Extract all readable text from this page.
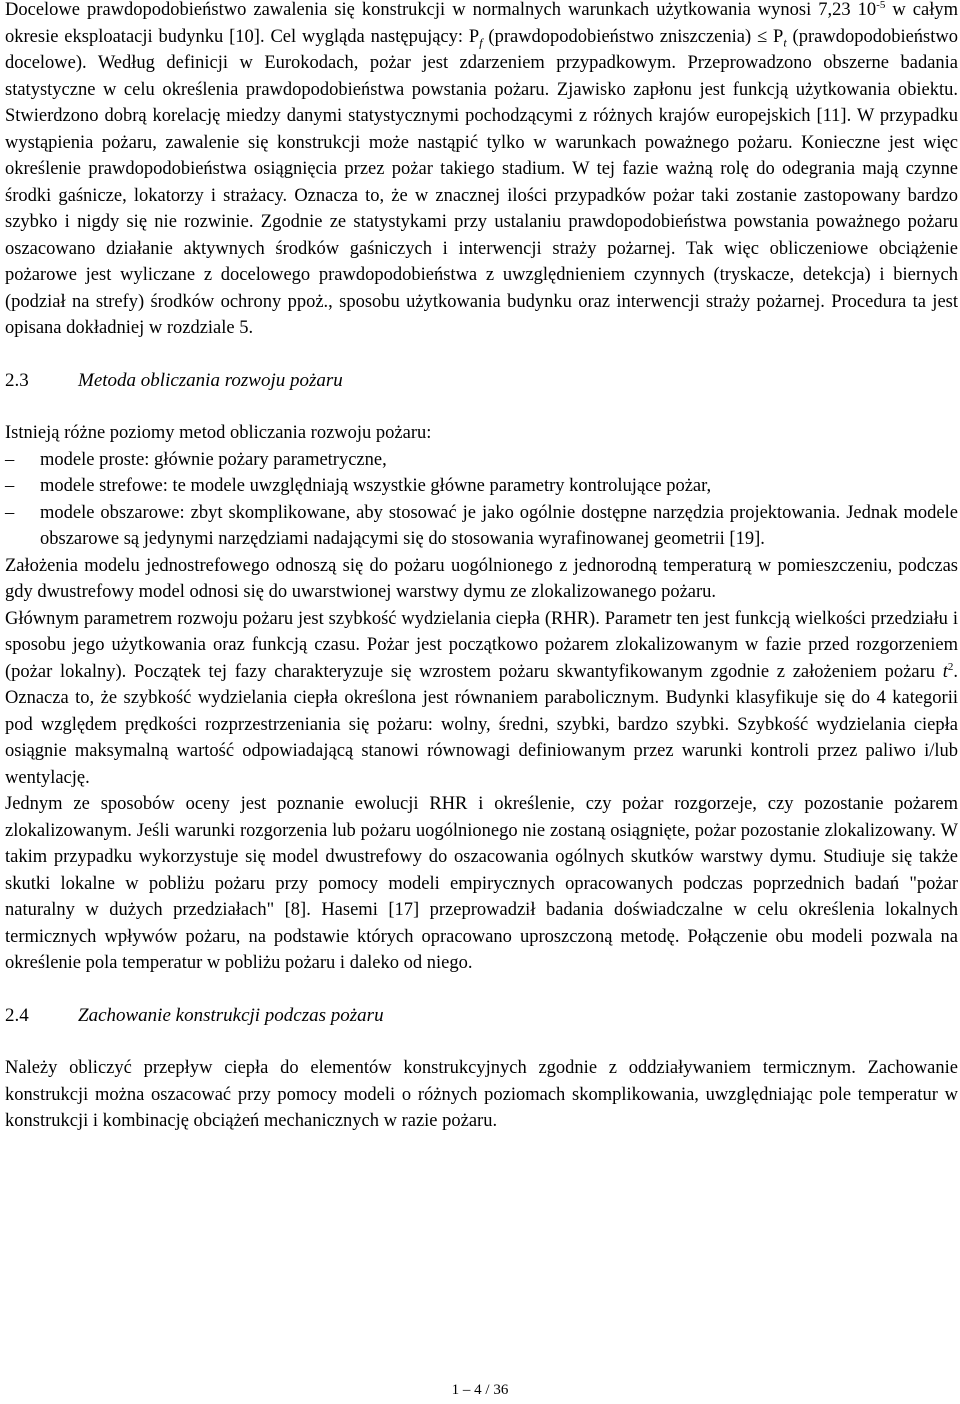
Docelowe prawdopodobieństwo zawalenia się konstrukcji w normalnych warunkach użytkowania wynosi 7,23 $10^{-5}$ w całym okresie eksploatacji budynku [10]. Cel wygląda następujący: $P_f$ (prawdopodobieństwo zniszczenia) ≤ $P_t$ (prawdopodobieństwo docelowe). Według definicji w Eurokodach, pożar jest zdarzeniem przypadkowym. Przeprowadzono obszerne badania statystyczne w celu określenia prawdopodobieństwa powstania pożaru. Zjawisko zapłonu jest funkcją użytkowania obiektu. Stwierdzono dobrą korelację miedzy danymi statystycznymi pochodzącymi z różnych krajów europejskich [11]. W przypadku wystąpienia pożaru, zawalenie się konstrukcji może nastąpić tylko w warunkach poważnego pożaru. Konieczne jest więc określenie prawdopodobieństwa osiągnięcia przez pożar takiego stadium. W tej fazie ważną rolę do odegrania mają czynne środki gaśnicze, lokatorzy i strażacy. Oznacza to, że w znacznej ilości przypadków pożar taki zostanie zastopowany bardzo szybko i nigdy się nie rozwinie. Zgodnie ze statystykami przy ustalaniu prawdopodobieństwa powstania poważnego pożaru oszacowano działanie aktywnych środków gaśniczych i interwencji straży pożarnej. Tak więc obliczeniowe obciążenie pożarowe jest wyliczane z docelowego prawdopodobieństwa z uwzględnieniem czynnych (tryskacze, detekcja) i biernych (podział na strefy) środków ochrony ppoż., sposobu użytkowania budynku oraz interwencji straży pożarnej. Procedura ta jest opisana dokładniej w rozdziale 5.

2.3	Metoda obliczania rozwoju pożaru

Istnieją różne poziomy metod obliczania rozwoju pożaru:

– modele proste: głównie pożary parametryczne,
– modele strefowe: te modele uwzględniają wszystkie główne parametry kontrolujące pożar,
– modele obszarowe: zbyt skomplikowane, aby stosować je jako ogólnie dostępne narzędzia projektowania. Jednak modele obszarowe są jedynymi narzędziami nadającymi się do stosowania wyrafinowanej geometrii [19].

Założenia modelu jednostrefowego odnoszą się do pożaru uogólnionego z jednorodną temperaturą w pomieszczeniu, podczas gdy dwustrefowy model odnosi się do uwarstwionej warstwy dymu ze zlokalizowanego pożaru.

Głównym parametrem rozwoju pożaru jest szybkość wydzielania ciepła (RHR). Parametr ten jest funkcją wielkości przedziału i sposobu jego użytkowania oraz funkcją czasu. Pożar jest początkowo pożarem zlokalizowanym w fazie przed rozgorzeniem (pożar lokalny). Początek tej fazy charakteryzuje się wzrostem pożaru skwantyfikowanym zgodnie z założeniem pożaru $t^2$. Oznacza to, że szybkość wydzielania ciepła określona jest równaniem parabolicznym. Budynki klasyfikuje się do 4 kategorii pod względem prędkości rozprzestrzeniania się pożaru: wolny, średni, szybki, bardzo szybki. Szybkość wydzielania ciepła osiągnie maksymalną wartość odpowiadającą stanowi równowagi definiowanym przez warunki kontroli przez paliwo i/lub wentylację.

Jednym ze sposobów oceny jest poznanie ewolucji RHR i określenie, czy pożar rozgorzeje, czy pozostanie pożarem zlokalizowanym. Jeśli warunki rozgorzenia lub pożaru uogólnionego nie zostaną osiągnięte, pożar pozostanie zlokalizowany. W takim przypadku wykorzystuje się model dwustrefowy do oszacowania ogólnych skutków warstwy dymu. Studiuje się także skutki lokalne w pobliżu pożaru przy pomocy modeli empirycznych opracowanych podczas poprzednich badań "pożar naturalny w dużych przedziałach" [8]. Hasemi [17] przeprowadził badania doświadczalne w celu określenia lokalnych termicznych wpływów pożaru, na podstawie których opracowano uproszczoną metodę. Połączenie obu modeli pozwala na określenie pola temperatur w pobliżu pożaru i daleko od niego.

2.4	Zachowanie konstrukcji podczas pożaru

Należy obliczyć przepływ ciepła do elementów konstrukcyjnych zgodnie z oddziaływaniem termicznym. Zachowanie konstrukcji można oszacować przy pomocy modeli o różnych poziomach skomplikowania, uwzględniając pole temperatur w konstrukcji i kombinację obciążeń mechanicznych w razie pożaru.

1 – 4 / 36
